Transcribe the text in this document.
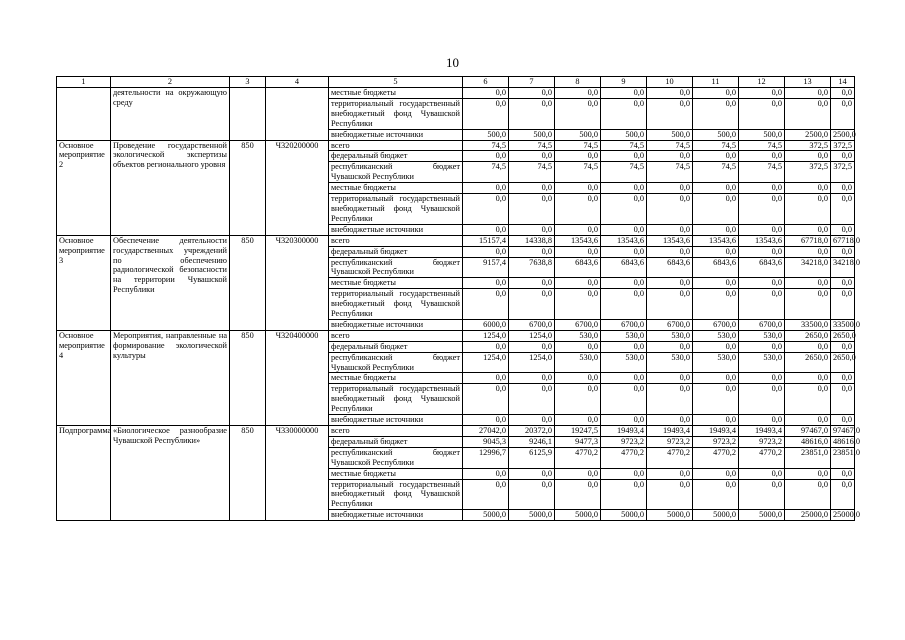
10
1	2	3	4	5	6	7	8	9	10	11	12	13	14
	деятельности на окружающую среду			местные бюджеты	0,0	0,0	0,0	0,0	0,0	0,0	0,0	0,0	0,0
				территориальный государственный внебюджетный фонд Чувашской Республики	0,0	0,0	0,0	0,0	0,0	0,0	0,0	0,0	0,0
				внебюджетные источники	500,0	500,0	500,0	500,0	500,0	500,0	500,0	2500,0	2500,0
Основное мероприятие 2	Проведение государственной экологической экспертизы объектов регионального уровня	850	Ч320200000	всего	74,5	74,5	74,5	74,5	74,5	74,5	74,5	372,5	372,5
				федеральный бюджет	0,0	0,0	0,0	0,0	0,0	0,0	0,0	0,0	0,0
				республиканский бюджет Чувашской Республики	74,5	74,5	74,5	74,5	74,5	74,5	74,5	372,5	372,5
				местные бюджеты	0,0	0,0	0,0	0,0	0,0	0,0	0,0	0,0	0,0
				территориальный государственный внебюджетный фонд Чувашской Республики	0,0	0,0	0,0	0,0	0,0	0,0	0,0	0,0	0,0
				внебюджетные источники	0,0	0,0	0,0	0,0	0,0	0,0	0,0	0,0	0,0
Основное мероприятие 3	Обеспечение деятельности государственных учреждений по обеспечению радиологической безопасности на территории Чувашской Республики	850	Ч320300000	всего	15157,4	14338,8	13543,6	13543,6	13543,6	13543,6	13543,6	67718,0	67718,0
				федеральный бюджет	0,0	0,0	0,0	0,0	0,0	0,0	0,0	0,0	0,0
				республиканский бюджет Чувашской Республики	9157,4	7638,8	6843,6	6843,6	6843,6	6843,6	6843,6	34218,0	34218,0
				местные бюджеты	0,0	0,0	0,0	0,0	0,0	0,0	0,0	0,0	0,0
				территориальный государственный внебюджетный фонд Чувашской Республики	0,0	0,0	0,0	0,0	0,0	0,0	0,0	0,0	0,0
				внебюджетные источники	6000,0	6700,0	6700,0	6700,0	6700,0	6700,0	6700,0	33500,0	33500,0
Основное мероприятие 4	Мероприятия, направленные на формирование экологической культуры	850	Ч320400000	всего	1254,0	1254,0	530,0	530,0	530,0	530,0	530,0	2650,0	2650,0
				федеральный бюджет	0,0	0,0	0,0	0,0	0,0	0,0	0,0	0,0	0,0
				республиканский бюджет Чувашской Республики	1254,0	1254,0	530,0	530,0	530,0	530,0	530,0	2650,0	2650,0
				местные бюджеты	0,0	0,0	0,0	0,0	0,0	0,0	0,0	0,0	0,0
				территориальный государственный внебюджетный фонд Чувашской Республики	0,0	0,0	0,0	0,0	0,0	0,0	0,0	0,0	0,0
				внебюджетные источники	0,0	0,0	0,0	0,0	0,0	0,0	0,0	0,0	0,0
Подпрограмма	«Биологическое разнообразие Чувашской Республики»	850	Ч330000000	всего	27042,0	20372,0	19247,5	19493,4	19493,4	19493,4	19493,4	97467,0	97467,0
				федеральный бюджет	9045,3	9246,1	9477,3	9723,2	9723,2	9723,2	9723,2	48616,0	48616,0
				республиканский бюджет Чувашской Республики	12996,7	6125,9	4770,2	4770,2	4770,2	4770,2	4770,2	23851,0	23851,0
				местные бюджеты	0,0	0,0	0,0	0,0	0,0	0,0	0,0	0,0	0,0
				территориальный государственный внебюджетный фонд Чувашской Республики	0,0	0,0	0,0	0,0	0,0	0,0	0,0	0,0	0,0
				внебюджетные источники	5000,0	5000,0	5000,0	5000,0	5000,0	5000,0	5000,0	25000,0	25000,0
